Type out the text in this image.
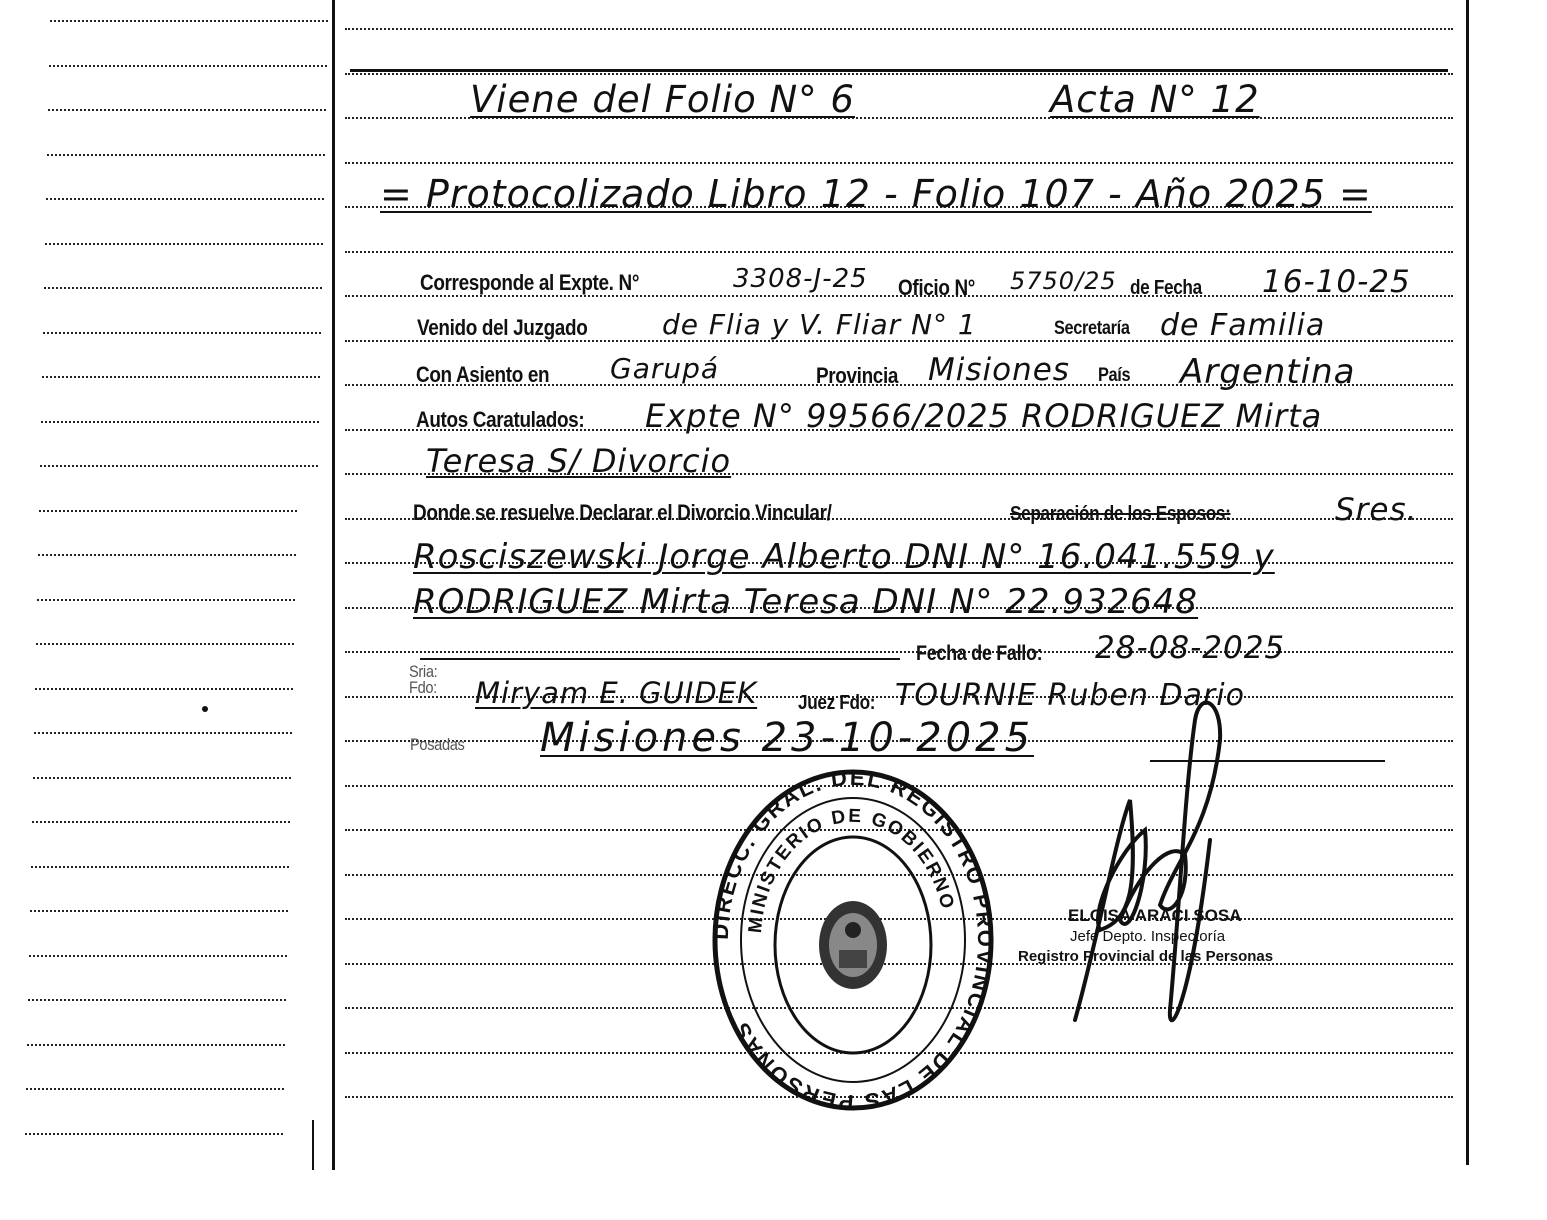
Viene del Folio N° 6	Acta N° 12
= Protocolizado Libro 12 - Folio 107 - Año 2025 =
Corresponde al Expte. N°	3308-J-25 Oficio N° 5750/25 de Fecha 16-10-25
Venido del Juzgado	de Flia y V. Fliar N° 1	Secretaría de Familia
Con Asiento en Garupá	Provincia Misiones País Argentina
Autos Caratulados: Expte N° 99566/2025 RODRIGUEZ Mirta
Teresa S/ Divorcio
Donde se resuelve Declarar el Divorcio Vincular/	Separación de los Esposos:	Sres.
Rosciszewski Jorge Alberto DNI N° 16.041.559 y
RODRIGUEZ Mirta Teresa DNI N° 22.932648
Fecha de Fallo: 28-08-2025
Sria: Fdo:	Miryam E. GUIDEK Juez Fdo: TOURNIE Ruben Dario
Posadas Misiones 23-10-2025
DIRECC. GRAL. DEL REGISTRO PROVINCIAL DE LAS PERSONAS
MINISTERIO DE GOBIERNO
ELOISA ARACI SOSA
Jefe Depto. Inspectoría
Registro Provincial de las Personas
